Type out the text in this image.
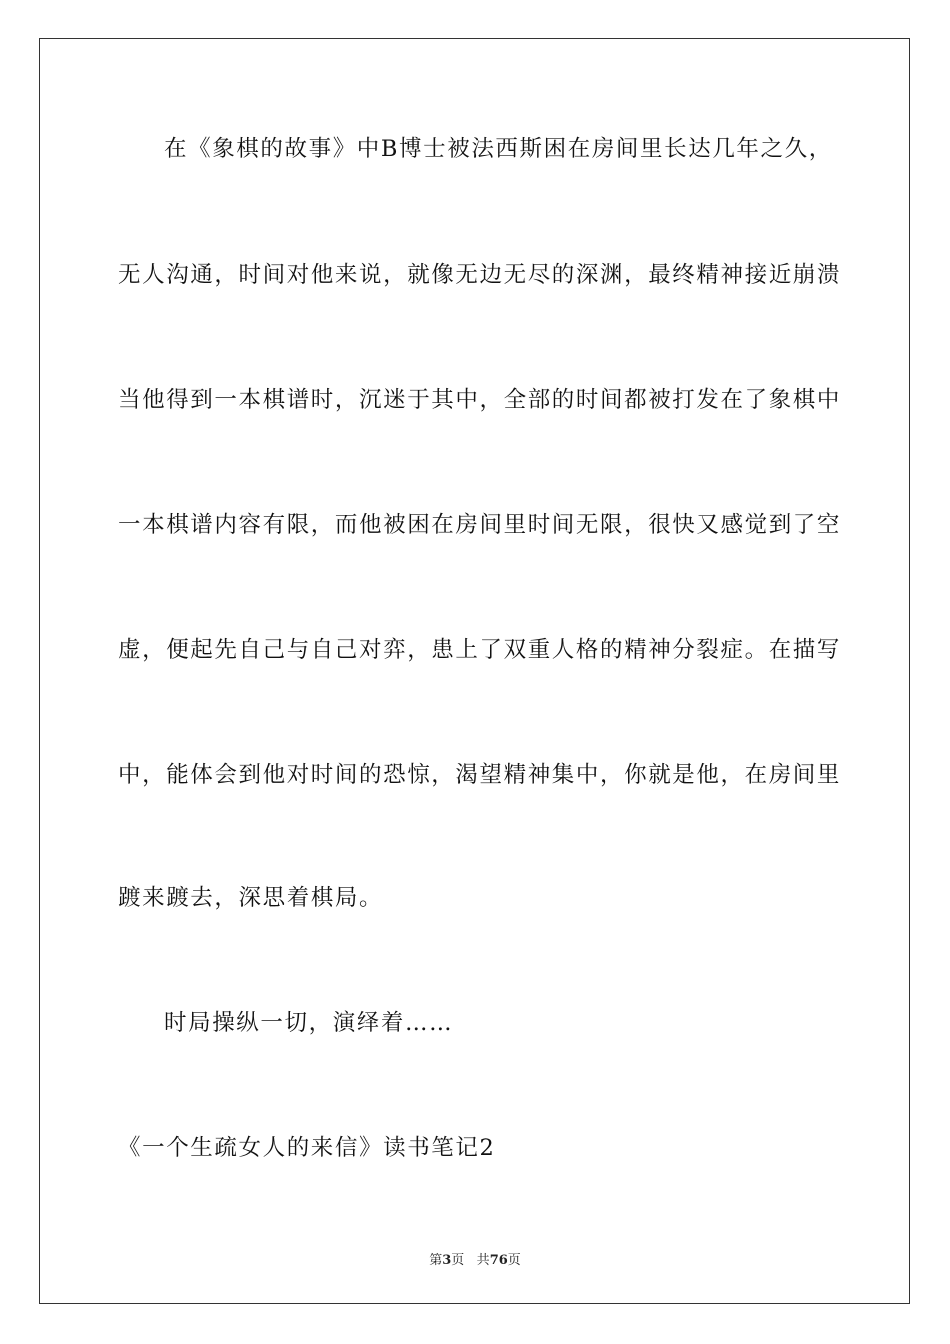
在《象棋的故事》中B博士被法西斯困在房间里长达几年之久，
无人沟通，时间对他来说，就像无边无尽的深渊，最终精神接近崩溃
当他得到一本棋谱时，沉迷于其中，全部的时间都被打发在了象棋中
一本棋谱内容有限，而他被困在房间里时间无限，很快又感觉到了空
虚，便起先自己与自己对弈，患上了双重人格的精神分裂症。在描写
中，能体会到他对时间的恐惊，渴望精神集中，你就是他，在房间里
踱来踱去，深思着棋局。
时局操纵一切，演绎着……
《一个生疏女人的来信》读书笔记2
第3页 共76页
